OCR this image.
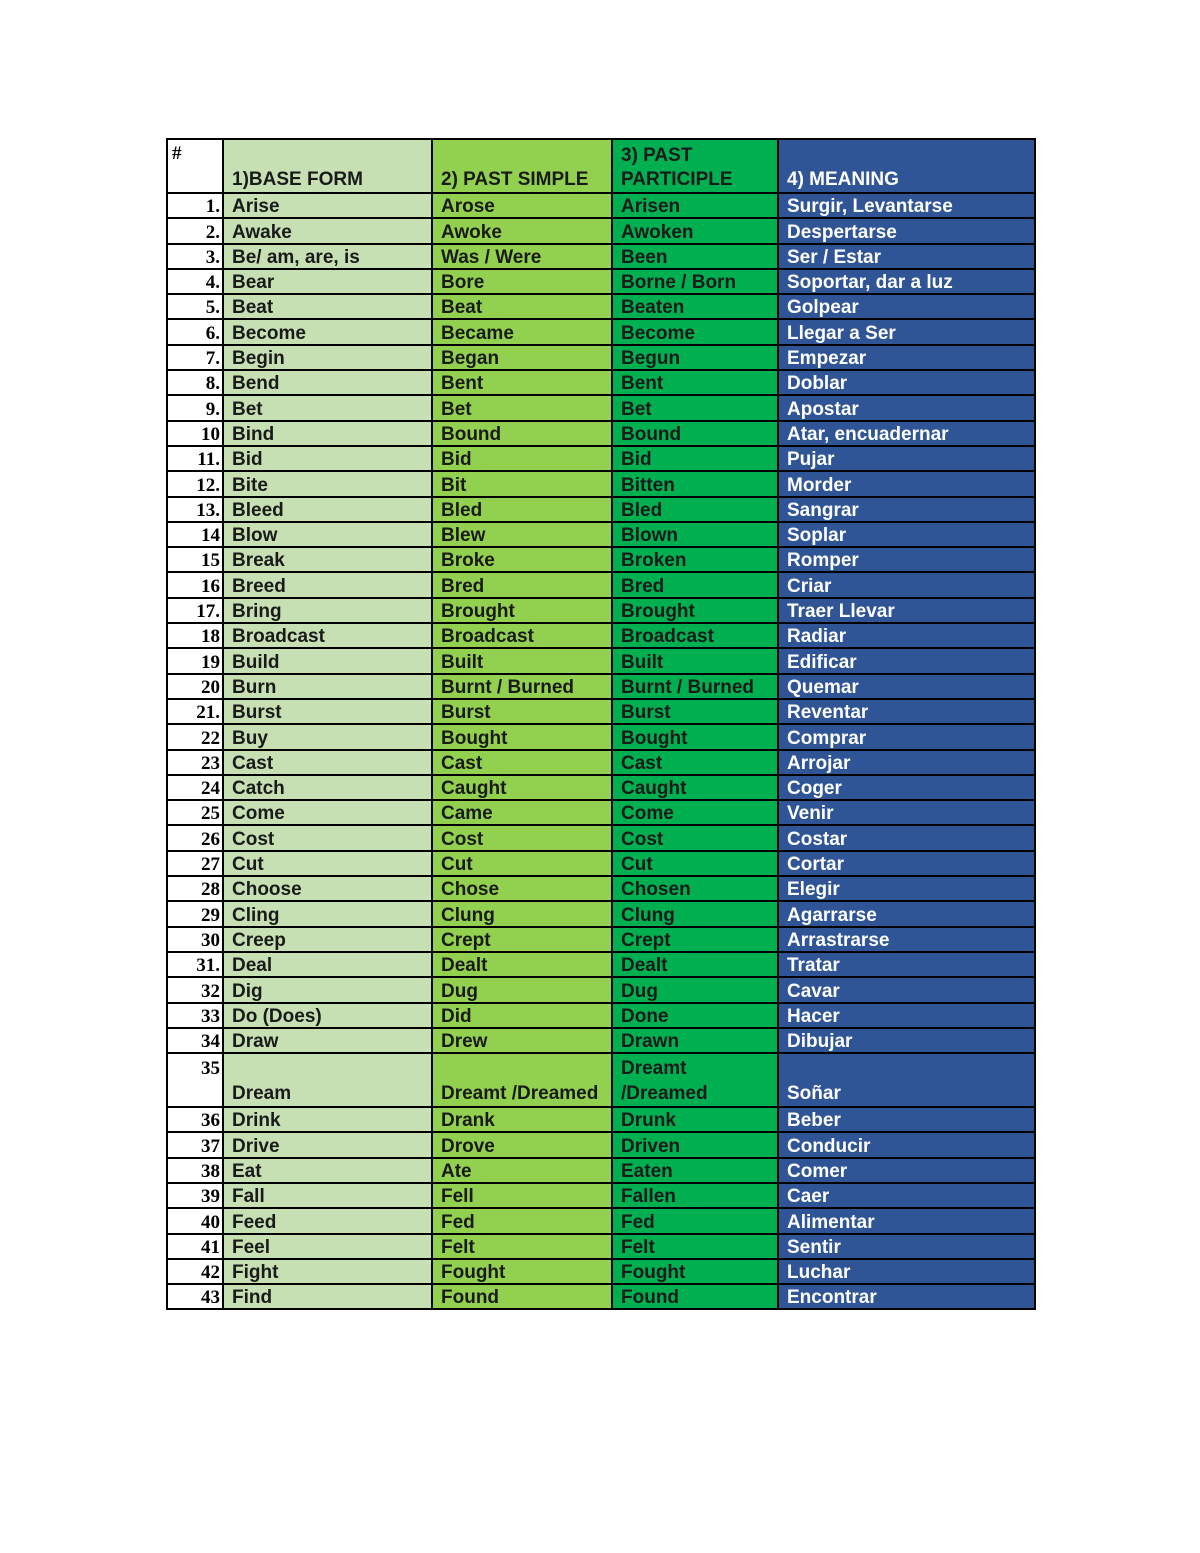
#	1)BASE FORM	2) PAST SIMPLE	3) PAST PARTICIPLE	4) MEANING
1.	Arise	Arose	Arisen	Surgir, Levantarse
2.	Awake	Awoke	Awoken	Despertarse
3.	Be/ am, are, is	Was / Were	Been	Ser / Estar
4.	Bear	Bore	Borne / Born	Soportar, dar a luz
5.	Beat	Beat	Beaten	Golpear
6.	Become	Became	Become	Llegar a Ser
7.	Begin	Began	Begun	Empezar
8.	Bend	Bent	Bent	Doblar
9.	Bet	Bet	Bet	Apostar
10	Bind	Bound	Bound	Atar, encuadernar
11.	Bid	Bid	Bid	Pujar
12.	Bite	Bit	Bitten	Morder
13.	Bleed	Bled	Bled	Sangrar
14	Blow	Blew	Blown	Soplar
15	Break	Broke	Broken	Romper
16	Breed	Bred	Bred	Criar
17.	Bring	Brought	Brought	Traer Llevar
18	Broadcast	Broadcast	Broadcast	Radiar
19	Build	Built	Built	Edificar
20	Burn	Burnt / Burned	Burnt / Burned	Quemar
21.	Burst	Burst	Burst	Reventar
22	Buy	Bought	Bought	Comprar
23	Cast	Cast	Cast	Arrojar
24	Catch	Caught	Caught	Coger
25	Come	Came	Come	Venir
26	Cost	Cost	Cost	Costar
27	Cut	Cut	Cut	Cortar
28	Choose	Chose	Chosen	Elegir
29	Cling	Clung	Clung	Agarrarse
30	Creep	Crept	Crept	Arrastrarse
31.	Deal	Dealt	Dealt	Tratar
32	Dig	Dug	Dug	Cavar
33	Do (Does)	Did	Done	Hacer
34	Draw	Drew	Drawn	Dibujar
35	Dream	Dreamt /Dreamed	Dreamt /Dreamed	Soñar
36	Drink	Drank	Drunk	Beber
37	Drive	Drove	Driven	Conducir
38	Eat	Ate	Eaten	Comer
39	Fall	Fell	Fallen	Caer
40	Feed	Fed	Fed	Alimentar
41	Feel	Felt	Felt	Sentir
42	Fight	Fought	Fought	Luchar
43	Find	Found	Found	Encontrar
